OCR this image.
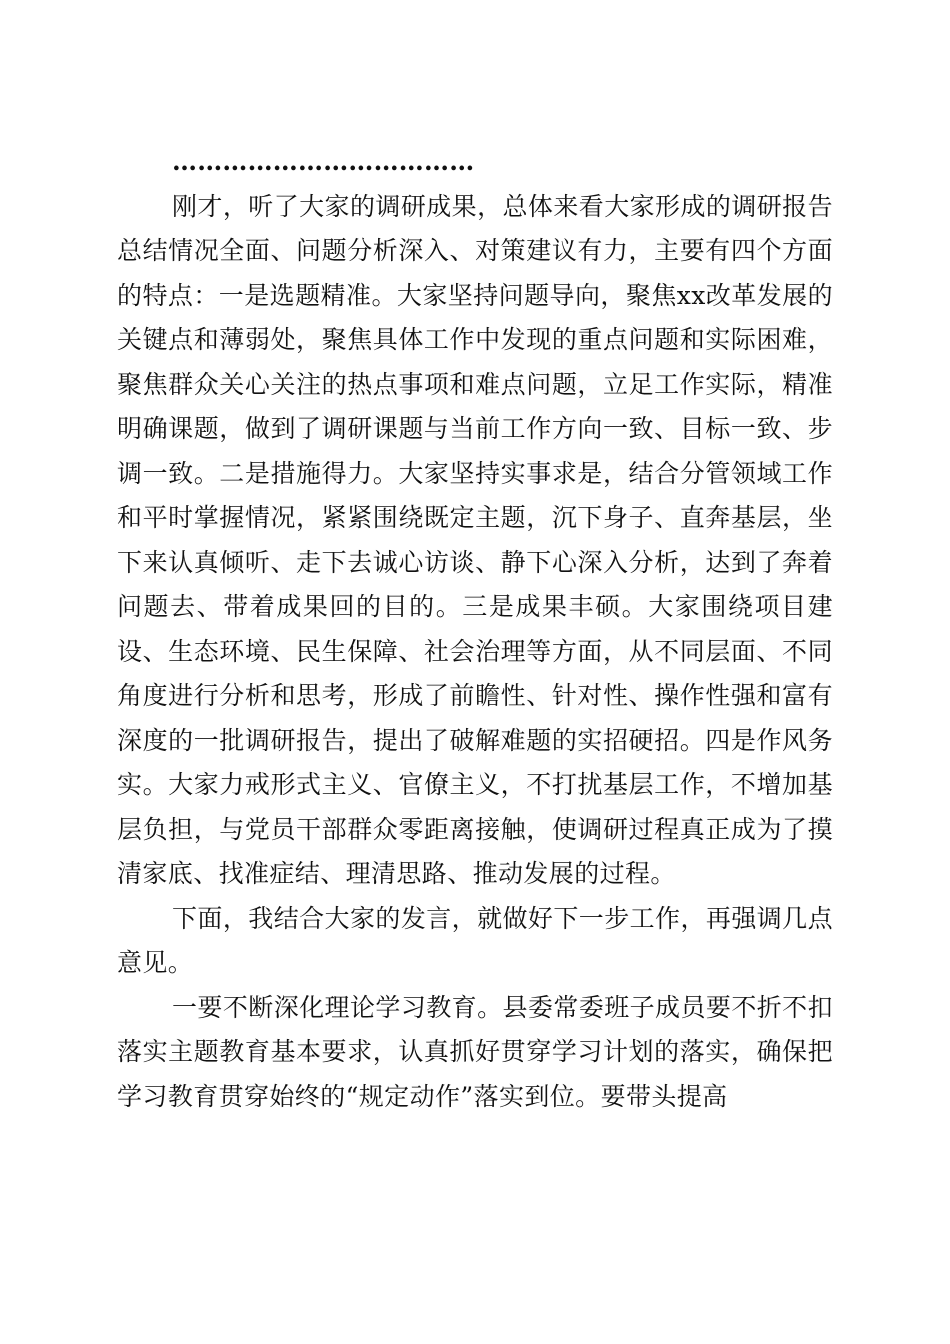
………………………………

刚才，听了大家的调研成果，总体来看大家形成的调研报告总结情况全面、问题分析深入、对策建议有力，主要有四个方面的特点：一是选题精准。大家坚持问题导向，聚焦xx改革发展的关键点和薄弱处，聚焦具体工作中发现的重点问题和实际困难，聚焦群众关心关注的热点事项和难点问题，立足工作实际，精准明确课题，做到了调研课题与当前工作方向一致、目标一致、步调一致。二是措施得力。大家坚持实事求是，结合分管领域工作和平时掌握情况，紧紧围绕既定主题，沉下身子、直奔基层，坐下来认真倾听、走下去诚心访谈、静下心深入分析，达到了奔着问题去、带着成果回的目的。三是成果丰硕。大家围绕项目建设、生态环境、民生保障、社会治理等方面，从不同层面、不同角度进行分析和思考，形成了前瞻性、针对性、操作性强和富有深度的一批调研报告，提出了破解难题的实招硬招。四是作风务实。大家力戒形式主义、官僚主义，不打扰基层工作，不增加基层负担，与党员干部群众零距离接触，使调研过程真正成为了摸清家底、找准症结、理清思路、推动发展的过程。

下面，我结合大家的发言，就做好下一步工作，再强调几点意见。

一要不断深化理论学习教育。县委常委班子成员要不折不扣落实主题教育基本要求，认真抓好贯穿学习计划的落实，确保把学习教育贯穿始终的“规定动作”落实到位。要带头提高
